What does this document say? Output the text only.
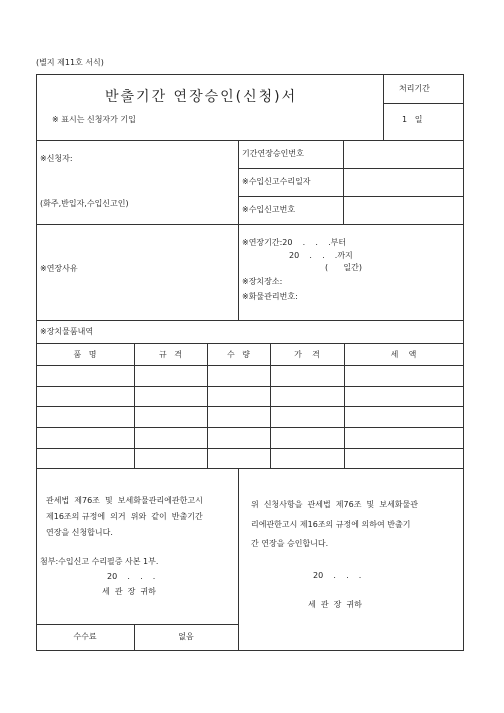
(별지 제11호 서식)
반출기간 연장승인(신청)서
※ 표시는 신청자가 기입
처리기간
1   일
※신청자:
(화주,반입자,수입신고인)
기간연장승인번호
※수입신고수리일자
※수입신고번호
※연장사유
※연장기간:20    .    .    .부터
20    .    .    .까지
(      일간)
※장치장소:
※화물관리번호:
※장치물품내역
품   명	규   격	수   량	가    격	세    액
관세법  제76조  및  보세화물관리에관한고시
제16조의 규정에  의거  위와  같이  반출기간
연장을 신청합니다.
첨부:수입신고 수리필증 사본 1부.
20    .    .    .
세  관  장  귀하
위  신청사항을  관세법  제76조  및  보세화물관
리에관한고시 제16조의 규정에 의하여 반출기
간 연장을 승인합니다.
20    .    .    .
세  관  장  귀하
수수료	없음
